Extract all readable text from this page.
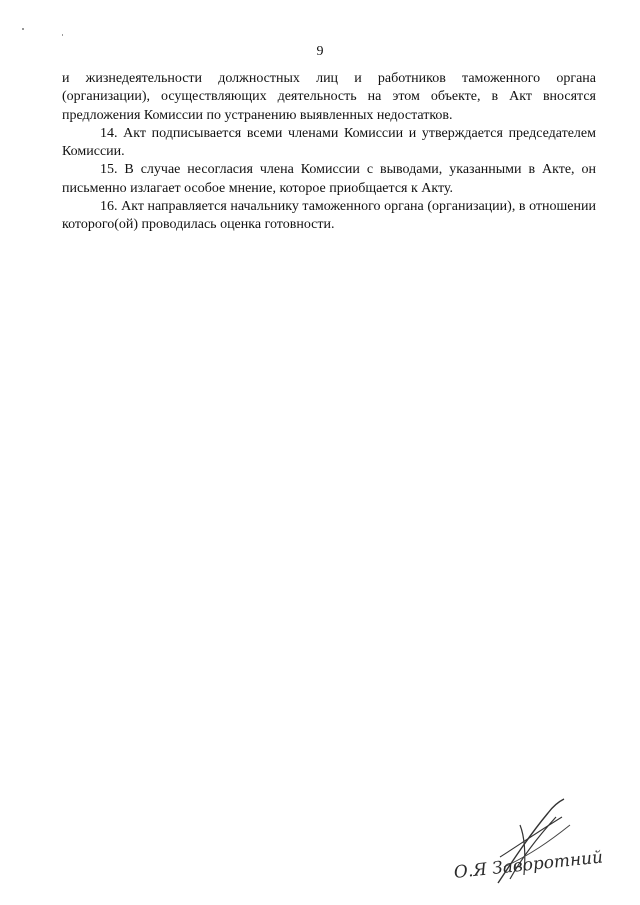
9

и жизнедеятельности должностных лиц и работников таможенного органа (организации), осуществляющих деятельность на этом объекте, в Акт вносятся предложения Комиссии по устранению выявленных недостатков.

14. Акт подписывается всеми членами Комиссии и утверждается председателем Комиссии.

15. В случае несогласия члена Комиссии с выводами, указанными в Акте, он письменно излагает особое мнение, которое приобщается к Акту.

16. Акт направляется начальнику таможенного органа (организации), в отношении которого(ой) проводилась оценка готовности.

О.Я Заворотний
